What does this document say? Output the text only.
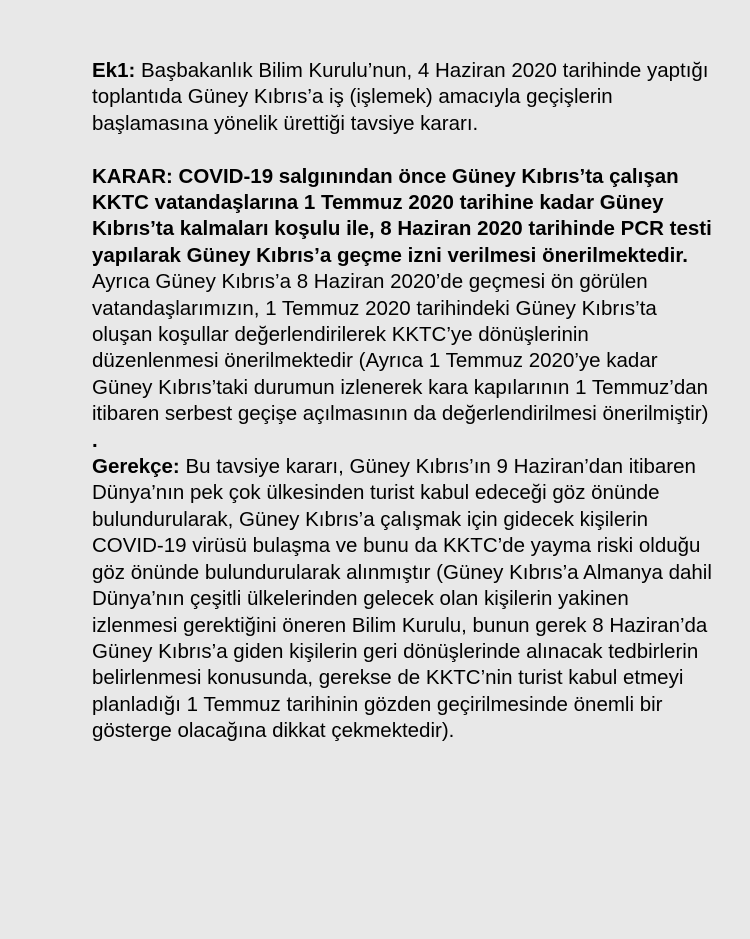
Ek1: Başbakanlık Bilim Kurulu’nun, 4 Haziran 2020 tarihinde yaptığı toplantıda Güney Kıbrıs’a iş (işlemek) amacıyla geçişlerin başlamasına yönelik ürettiği tavsiye kararı.

KARAR: COVID-19 salgınından önce Güney Kıbrıs’ta çalışan KKTC vatandaşlarına 1 Temmuz 2020 tarihine kadar Güney Kıbrıs’ta kalmaları koşulu ile, 8 Haziran 2020 tarihinde PCR testi yapılarak Güney Kıbrıs’a geçme izni verilmesi önerilmektedir. Ayrıca Güney Kıbrıs’a 8 Haziran 2020’de geçmesi ön görülen vatandaşlarımızın, 1 Temmuz 2020 tarihindeki Güney Kıbrıs’ta oluşan koşullar değerlendirilerek KKTC’ye dönüşlerinin düzenlenmesi önerilmektedir (Ayrıca 1 Temmuz 2020’ye kadar Güney Kıbrıs’taki durumun izlenerek kara kapılarının 1 Temmuz’dan itibaren serbest geçişe açılmasının da değerlendirilmesi önerilmiştir) .

Gerekçe: Bu tavsiye kararı, Güney Kıbrıs’ın 9 Haziran’dan itibaren Dünya’nın pek çok ülkesinden turist kabul edeceği göz önünde bulundurularak, Güney Kıbrıs’a çalışmak için gidecek kişilerin COVID-19 virüsü bulaşma ve bunu da KKTC’de yayma riski olduğu göz önünde bulundurularak alınmıştır (Güney Kıbrıs’a Almanya dahil Dünya’nın çeşitli ülkelerinden gelecek olan kişilerin yakinen izlenmesi gerektiğini öneren Bilim Kurulu, bunun gerek 8 Haziran’da Güney Kıbrıs’a giden kişilerin geri dönüşlerinde alınacak tedbirlerin belirlenmesi konusunda, gerekse de KKTC’nin turist kabul etmeyi planladığı 1 Temmuz tarihinin gözden geçirilmesinde önemli bir gösterge olacağına dikkat çekmektedir).
